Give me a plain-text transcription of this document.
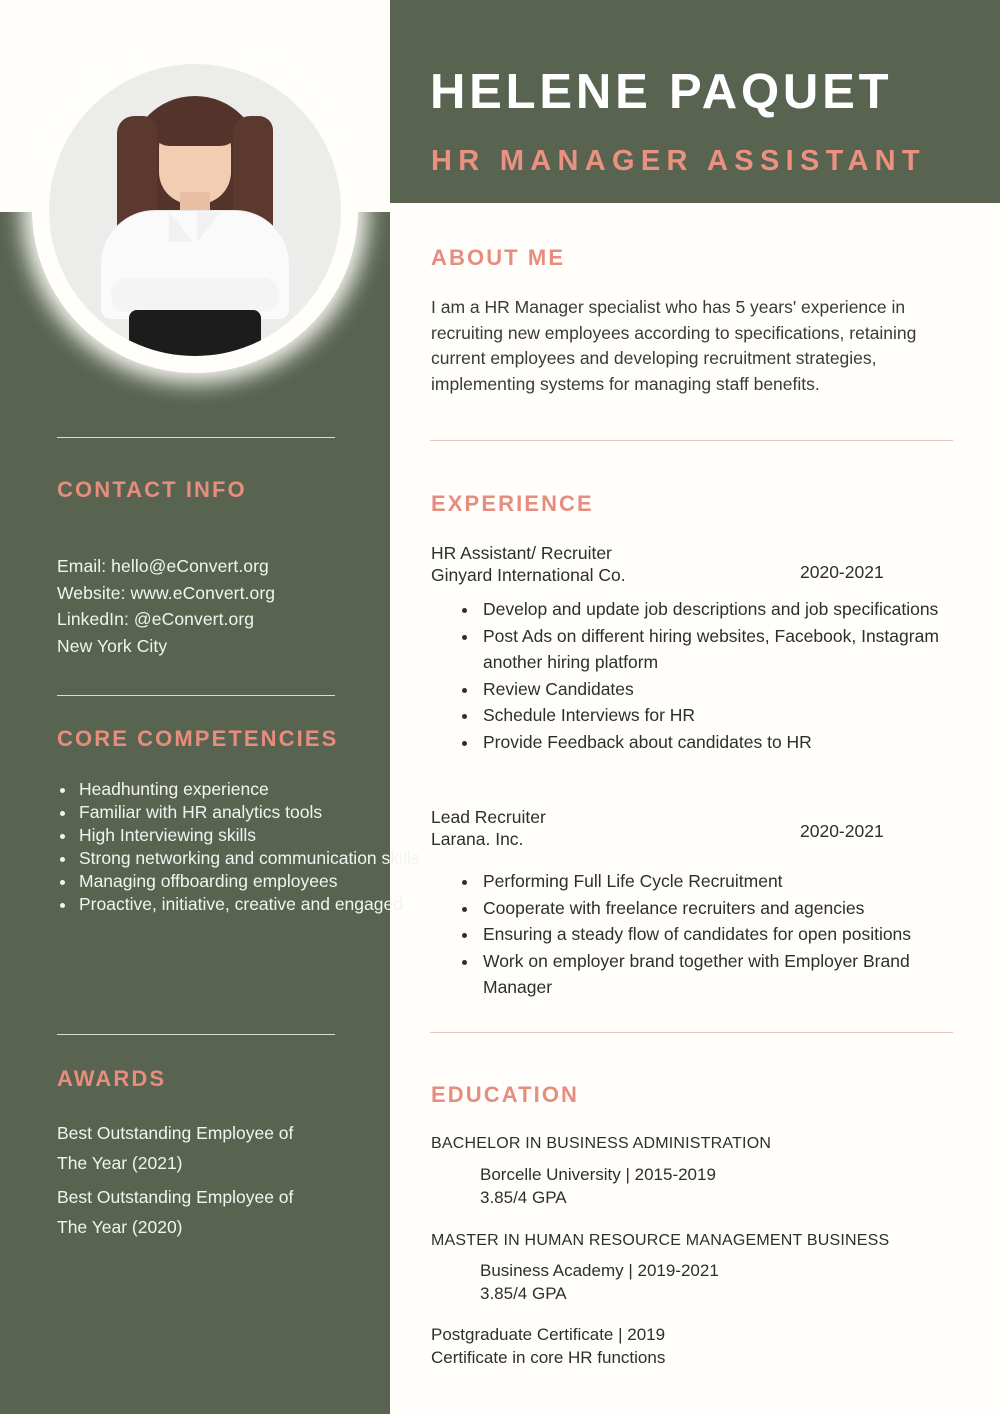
HELENE PAQUET
HR MANAGER ASSISTANT
CONTACT INFO
Email: hello@eConvert.org
Website: www.eConvert.org
LinkedIn: @eConvert.org
New York City
CORE COMPETENCIES
• Headhunting experience
• Familiar with HR analytics tools
• High Interviewing skills
• Strong networking and communication skills
• Managing offboarding employees
• Proactive, initiative, creative and engaged
AWARDS
Best Outstanding Employee of The Year (2021)
Best Outstanding Employee of The Year (2020)
ABOUT ME
I am a HR Manager specialist who has 5 years' experience in recruiting new employees according to specifications, retaining current employees and developing recruitment strategies, implementing systems for managing staff benefits.
EXPERIENCE
HR Assistant/ Recruiter
Ginyard International Co.	2020-2021
• Develop and update job descriptions and job specifications
• Post Ads on different hiring websites, Facebook, Instagram another hiring platform
• Review Candidates
• Schedule Interviews for HR
• Provide Feedback about candidates to HR
Lead Recruiter
Larana. Inc.	2020-2021
• Performing Full Life Cycle Recruitment
• Cooperate with freelance recruiters and agencies
• Ensuring a steady flow of candidates for open positions
• Work on employer brand together with Employer Brand Manager
EDUCATION
BACHELOR IN BUSINESS ADMINISTRATION
Borcelle University | 2015-2019
3.85/4 GPA
MASTER IN HUMAN RESOURCE MANAGEMENT BUSINESS
Business Academy | 2019-2021
3.85/4 GPA
Postgraduate Certificate | 2019
Certificate in core HR functions
